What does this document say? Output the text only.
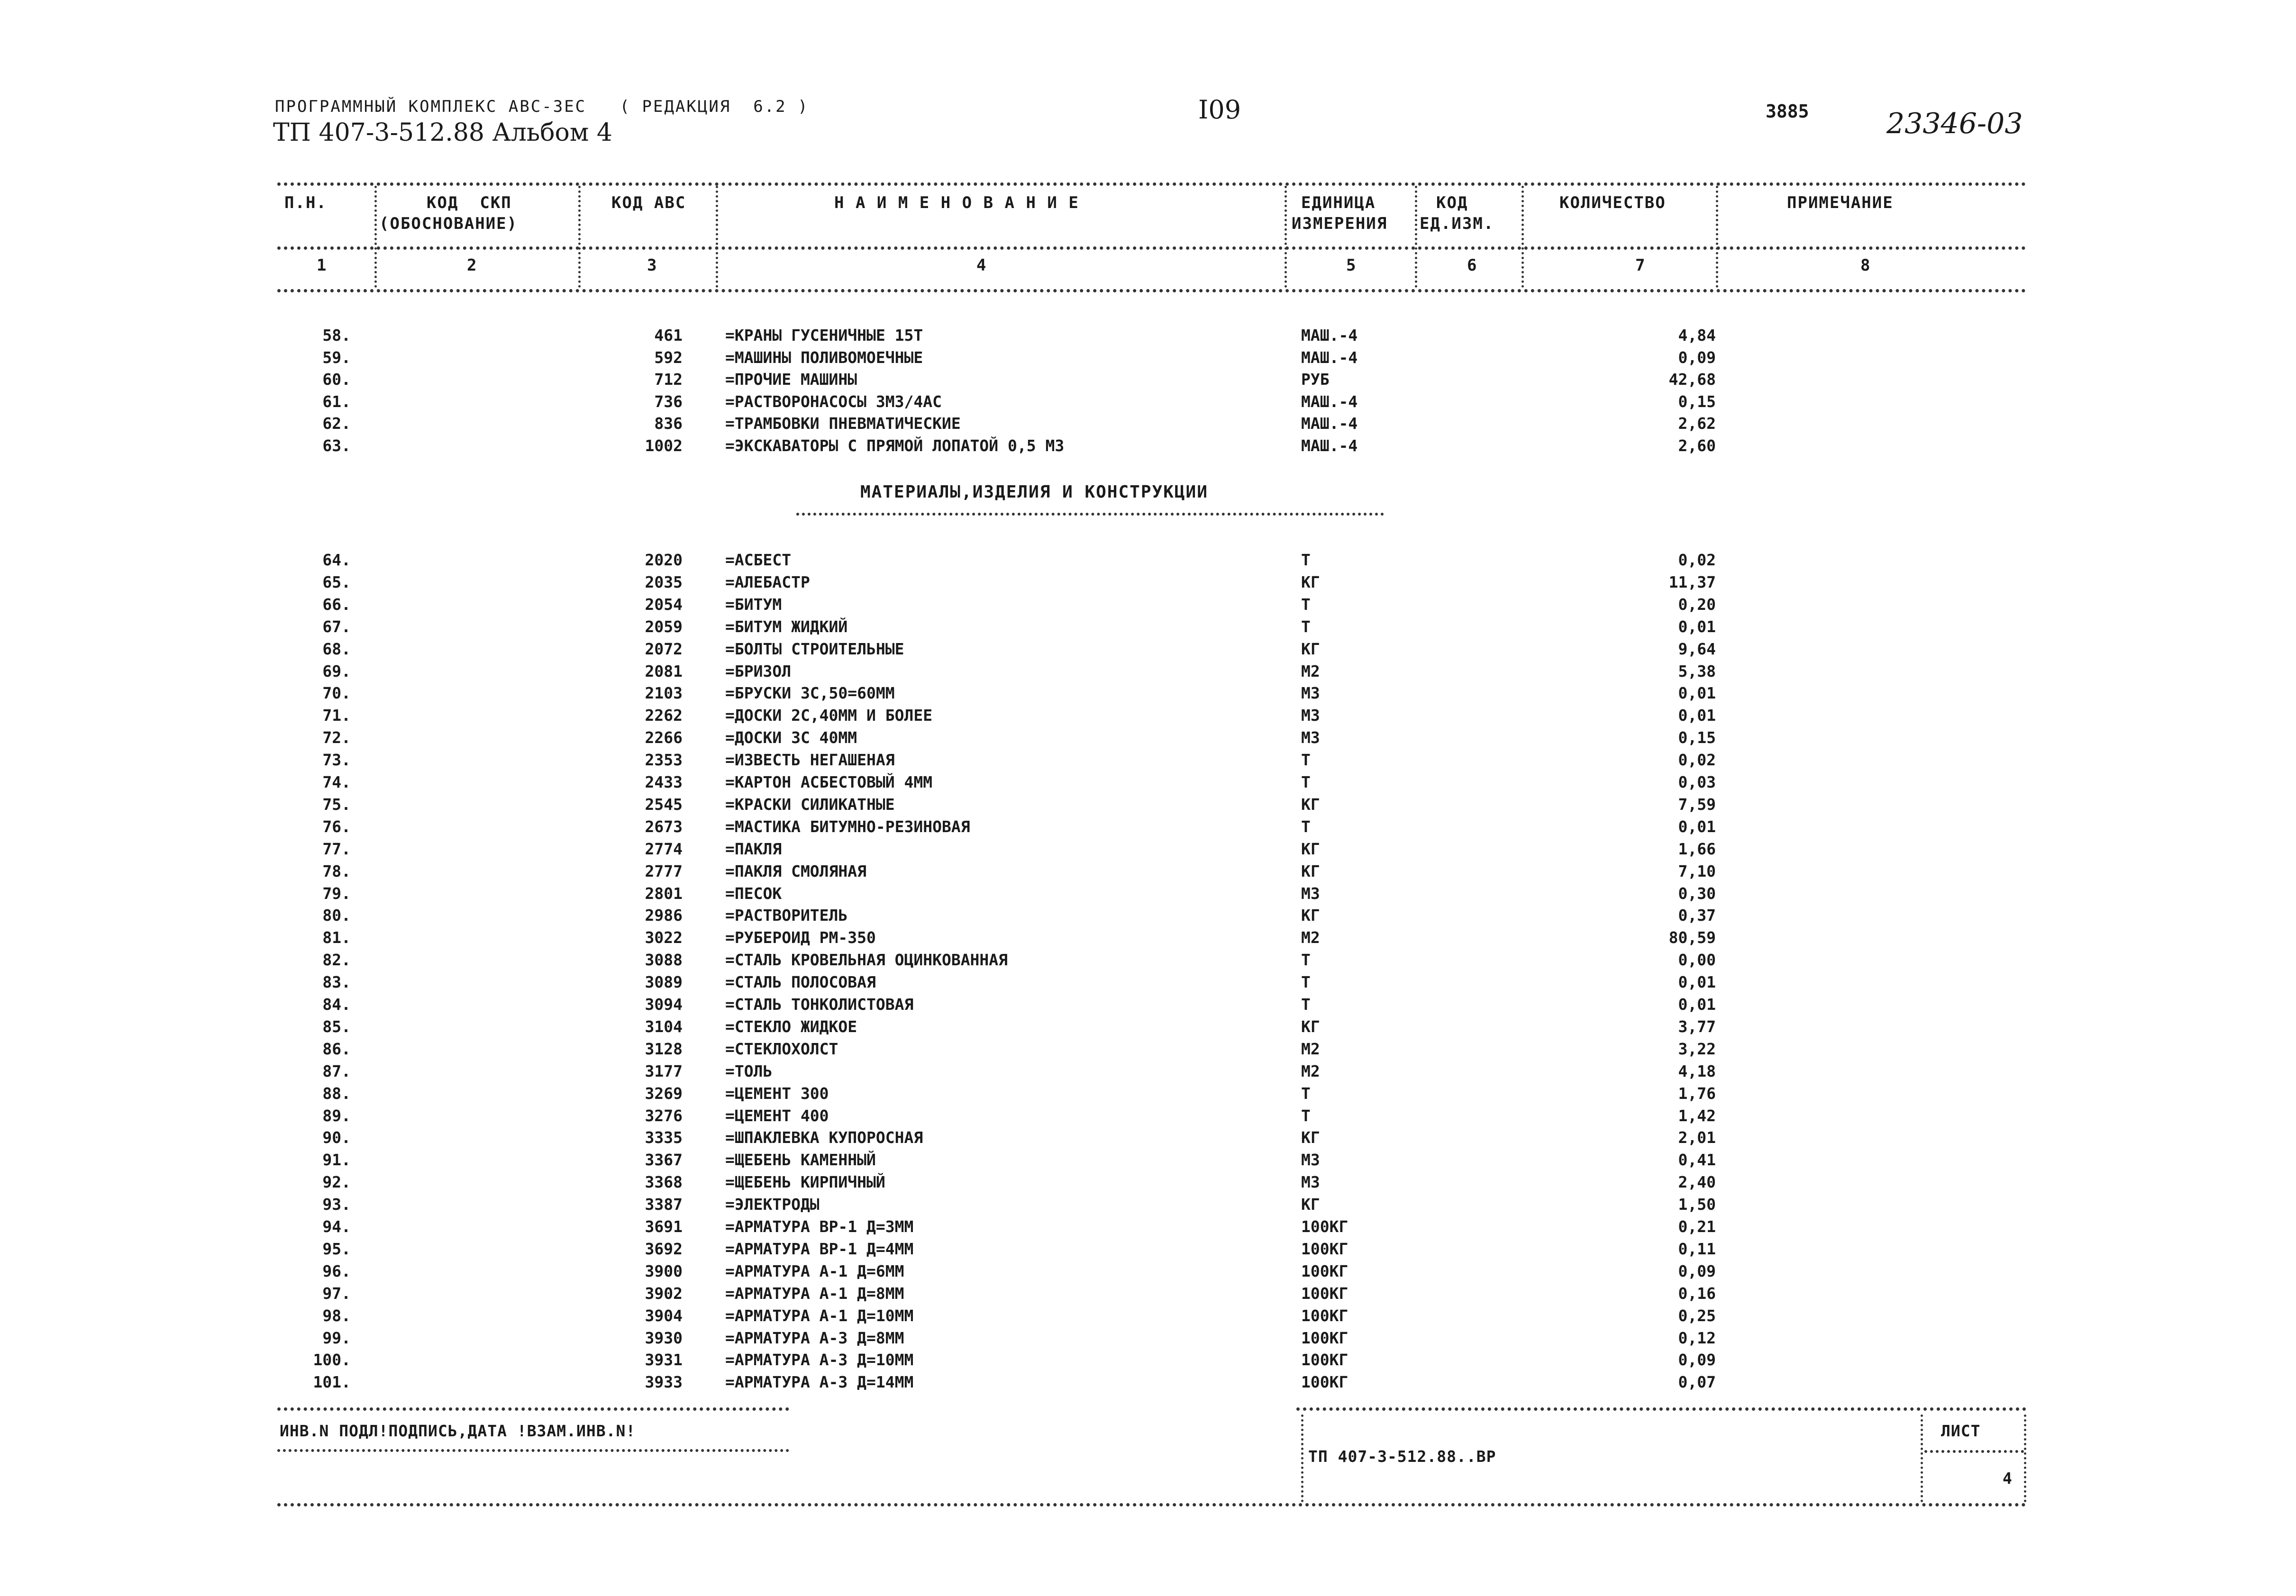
ПРОГРАММНЫЙ КОМПЛЕКС АВС-3ЕС   ( РЕДАКЦИЯ  6.2 )
ТП 407-3-512.88 Альбом 4
I09	3885	23346-03
П.Н.	КОД  СКП
(ОБОСНОВАНИЕ)
КОД АВС	Н А И М Е Н О В А Н И Е	ЕДИНИЦА
ИЗМЕРЕНИЯ
КОД
ЕД.ИЗМ.
КОЛИЧЕСТВО	ПРИМЕЧАНИЕ
1	2	3	4	5	6	7	8
58.	461	=КРАНЫ ГУСЕНИЧНЫЕ 15Т	МАШ.-4	4,84
59.	592	=МАШИНЫ ПОЛИВОМОЕЧНЫЕ	МАШ.-4	0,09
60.	712	=ПРОЧИЕ МАШИНЫ	РУБ	42,68
61.	736	=РАСТВОРОНАСОСЫ 3М3/4АС	МАШ.-4	0,15
62.	836	=ТРАМБОВКИ ПНЕВМАТИЧЕСКИЕ	МАШ.-4	2,62
63.	1002	=ЭКСКАВАТОРЫ С ПРЯМОЙ ЛОПАТОЙ 0,5 М3	МАШ.-4	2,60
МАТЕРИАЛЫ,ИЗДЕЛИЯ И КОНСТРУКЦИИ
64.	2020	=АСБЕСТ	Т	0,02
65.	2035	=АЛЕБАСТР	КГ	11,37
66.	2054	=БИТУМ	Т	0,20
67.	2059	=БИТУМ ЖИДКИЙ	Т	0,01
68.	2072	=БОЛТЫ СТРОИТЕЛЬНЫЕ	КГ	9,64
69.	2081	=БРИЗОЛ	М2	5,38
70.	2103	=БРУСКИ 3С,50=60ММ	М3	0,01
71.	2262	=ДОСКИ 2С,40ММ И БОЛЕЕ	М3	0,01
72.	2266	=ДОСКИ 3С 40ММ	М3	0,15
73.	2353	=ИЗВЕСТЬ НЕГАШЕНАЯ	Т	0,02
74.	2433	=КАРТОН АСБЕСТОВЫЙ 4ММ	Т	0,03
75.	2545	=КРАСКИ СИЛИКАТНЫЕ	КГ	7,59
76.	2673	=МАСТИКА БИТУМНО-РЕЗИНОВАЯ	Т	0,01
77.	2774	=ПАКЛЯ	КГ	1,66
78.	2777	=ПАКЛЯ СМОЛЯНАЯ	КГ	7,10
79.	2801	=ПЕСОК	М3	0,30
80.	2986	=РАСТВОРИТЕЛЬ	КГ	0,37
81.	3022	=РУБЕРОИД РМ-350	М2	80,59
82.	3088	=СТАЛЬ КРОВЕЛЬНАЯ ОЦИНКОВАННАЯ	Т	0,00
83.	3089	=СТАЛЬ ПОЛОСОВАЯ	Т	0,01
84.	3094	=СТАЛЬ ТОНКОЛИСТОВАЯ	Т	0,01
85.	3104	=СТЕКЛО ЖИДКОЕ	КГ	3,77
86.	3128	=СТЕКЛОХОЛСТ	М2	3,22
87.	3177	=ТОЛЬ	М2	4,18
88.	3269	=ЦЕМЕНТ 300	Т	1,76
89.	3276	=ЦЕМЕНТ 400	Т	1,42
90.	3335	=ШПАКЛЕВКА КУПОРОСНАЯ	КГ	2,01
91.	3367	=ЩЕБЕНЬ КАМЕННЫЙ	М3	0,41
92.	3368	=ЩЕБЕНЬ КИРПИЧНЫЙ	М3	2,40
93.	3387	=ЭЛЕКТРОДЫ	КГ	1,50
94.	3691	=АРМАТУРА ВР-1 Д=3ММ	100КГ	0,21
95.	3692	=АРМАТУРА ВР-1 Д=4ММ	100КГ	0,11
96.	3900	=АРМАТУРА А-1 Д=6ММ	100КГ	0,09
97.	3902	=АРМАТУРА А-1 Д=8ММ	100КГ	0,16
98.	3904	=АРМАТУРА А-1 Д=10ММ	100КГ	0,25
99.	3930	=АРМАТУРА А-3 Д=8ММ	100КГ	0,12
100.	3931	=АРМАТУРА А-3 Д=10ММ	100КГ	0,09
101.	3933	=АРМАТУРА А-3 Д=14ММ	100КГ	0,07
ИНВ.N ПОДЛ!ПОДПИСЬ,ДАТА !ВЗАМ.ИНВ.N!	ЛИСТ
ТП 407-3-512.88..ВР
4
